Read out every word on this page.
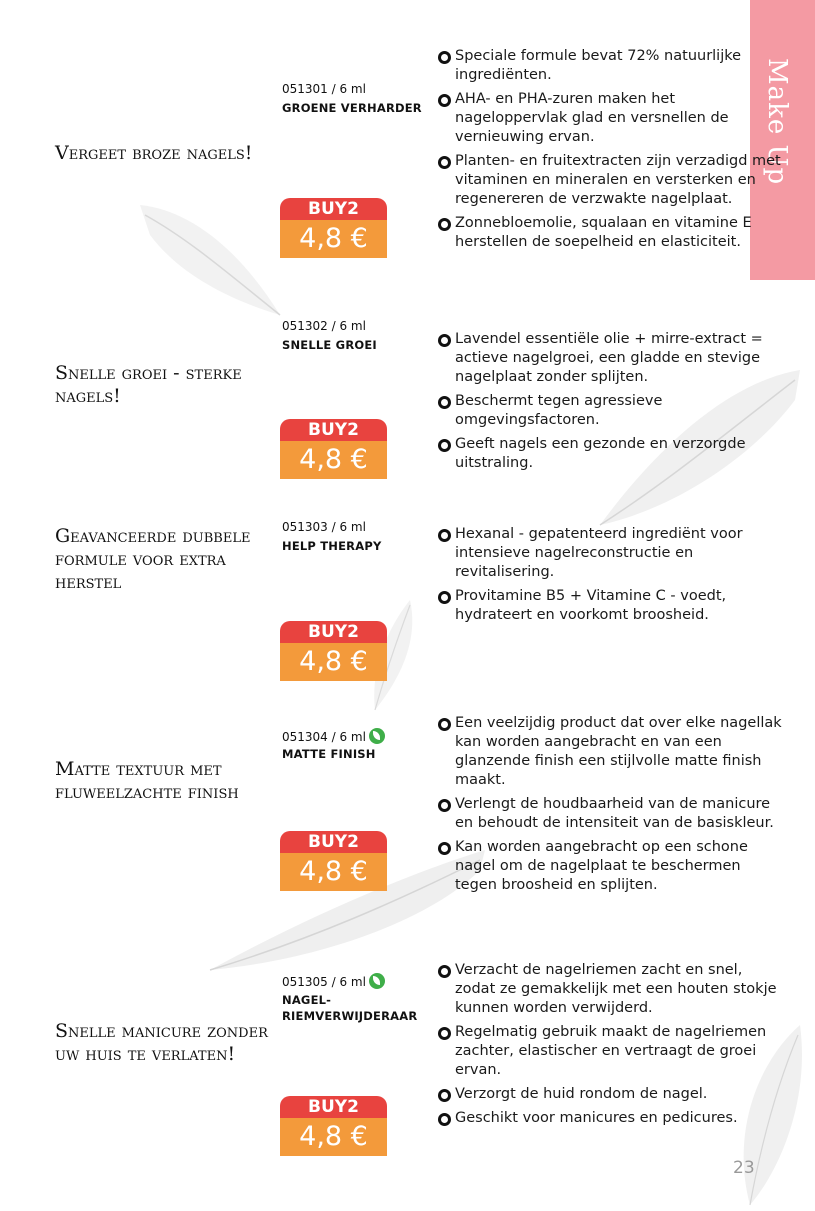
Make Up
Vergeet broze nagels!
051301 / 6 ml
GROENE VERHARDER
BUY2
4,8 €
Speciale formule bevat 72% natuurlijke ingrediënten.
AHA- en PHA-zuren maken het nageloppervlak glad en versnellen de vernieuwing ervan.
Planten- en fruitextracten zijn verzadigd met vitaminen en mineralen en versterken en regenereren de verzwakte nagelplaat.
Zonnebloemolie, squalaan en vitamine E herstellen de soepelheid en elasticiteit.
Snelle groei - sterke nagels!
051302 / 6 ml
SNELLE GROEI
BUY2
4,8 €
Lavendel essentiële olie + mirre-extract = actieve nagelgroei, een gladde en stevige nagelplaat zonder splijten.
Beschermt tegen agressieve omgevingsfactoren.
Geeft nagels een gezonde en verzorgde uitstraling.
Geavanceerde dubbele formule voor extra herstel
051303 / 6 ml
HELP THERAPY
BUY2
4,8 €
Hexanal - gepatenteerd ingrediënt voor intensieve nagelreconstructie en revitalisering.
Provitamine B5 + Vitamine C - voedt, hydrateert en voorkomt broosheid.
Matte textuur met fluweelzachte finish
051304 / 6 ml
MATTE FINISH
BUY2
4,8 €
Een veelzijdig product dat over elke nagellak kan worden aangebracht en van een glanzende finish een stijlvolle matte finish maakt.
Verlengt de houdbaarheid van de manicure en behoudt de intensiteit van de basiskleur.
Kan worden aangebracht op een schone nagel om de nagelplaat te beschermen tegen broosheid en splijten.
Snelle manicure zonder uw huis te verlaten!
051305 / 6 ml
NAGEL-RIEMVERWIJDERAAR
BUY2
4,8 €
Verzacht de nagelriemen zacht en snel, zodat ze gemakkelijk met een houten stokje kunnen worden verwijderd.
Regelmatig gebruik maakt de nagelriemen zachter, elastischer en vertraagt de groei ervan.
Verzorgt de huid rondom de nagel.
Geschikt voor manicures en pedicures.
23
